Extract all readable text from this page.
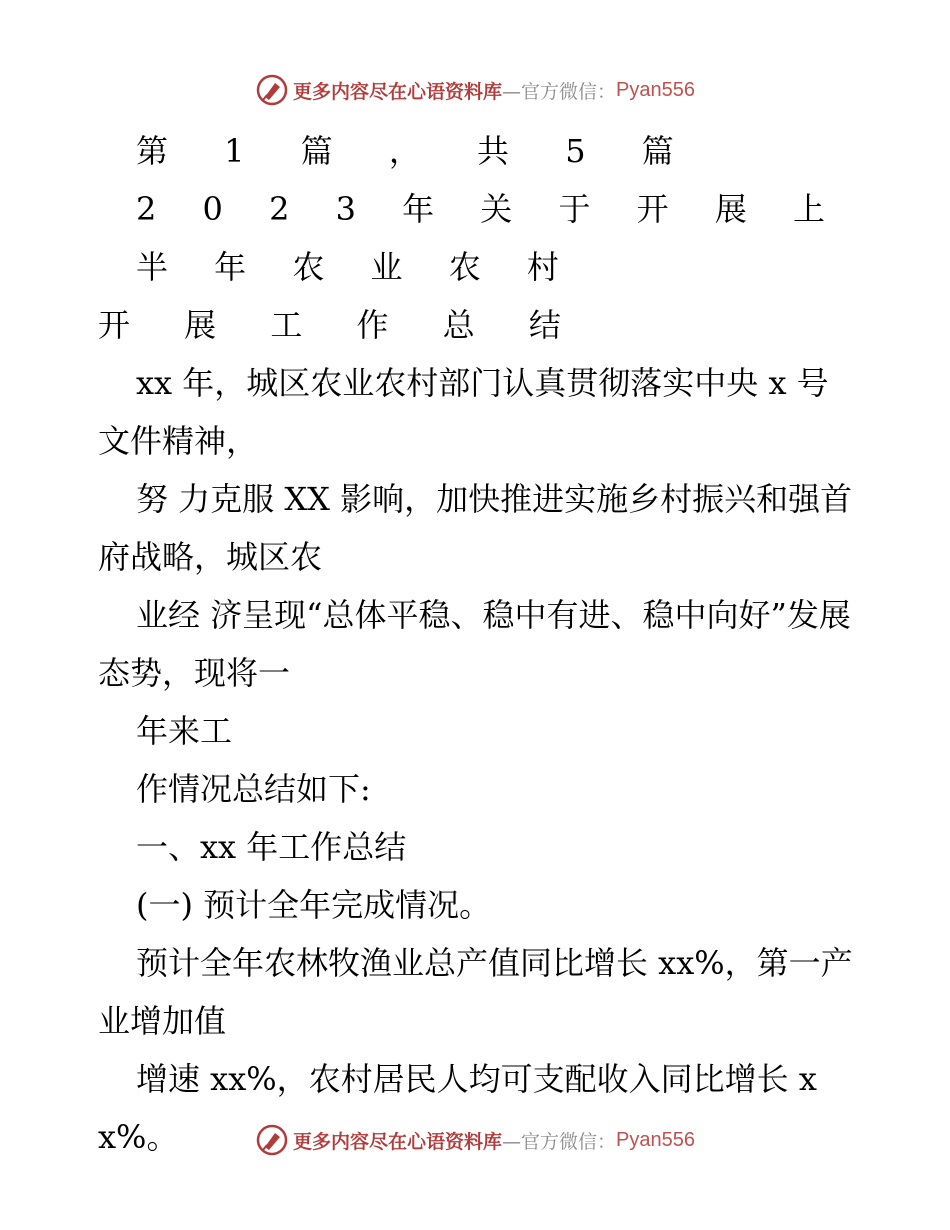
更多内容尽在心语资料库 —官方微信： Pyan556

第 1 篇 ， 共 5 篇

2 0 2 3 年 关 于 开 展 上半 年 农 业 农 村

开 展 工 作 总 结

xx 年，城区农业农村部门认真贯彻落实中央 x 号文件精神，

努 力克服 XX 影响，加快推进实施乡村振兴和强首府战略，城区农

业经 济呈现“总体平稳、稳中有进、稳中向好”发展态势，现将一

年来工

作情况总结如下:

一、xx 年工作总结

(一) 预计全年完成情况。

预计全年农林牧渔业总产值同比增长 xx%，第一产业增加值

增速 xx%，农村居民人均可支配收入同比增长 xx%。	更多内容尽在心语资料库 —官方微信： Pyan556
